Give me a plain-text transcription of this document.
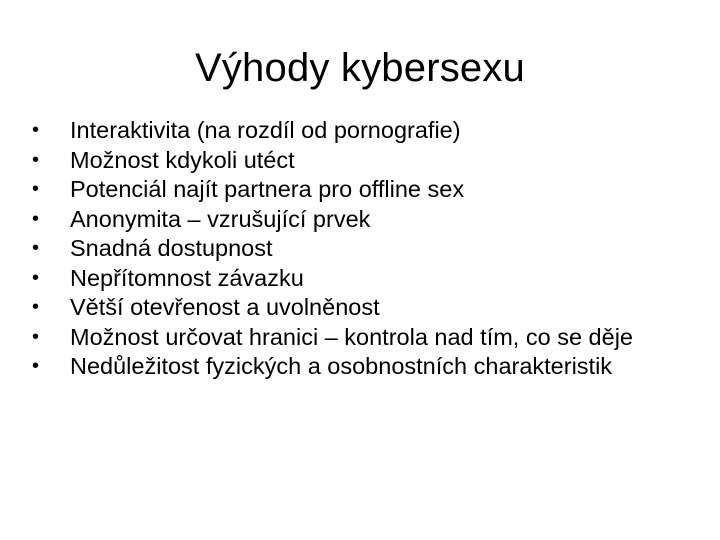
Výhody kybersexu
•	Interaktivita (na rozdíl od pornografie)
•	Možnost kdykoli utéct
•	Potenciál najít partnera pro offline sex
•	Anonymita – vzrušující prvek
•	Snadná dostupnost
•	Nepřítomnost závazku
•	Větší otevřenost a uvolněnost
•	Možnost určovat hranici – kontrola nad tím, co se děje
•	Nedůležitost fyzických a osobnostních charakteristik
